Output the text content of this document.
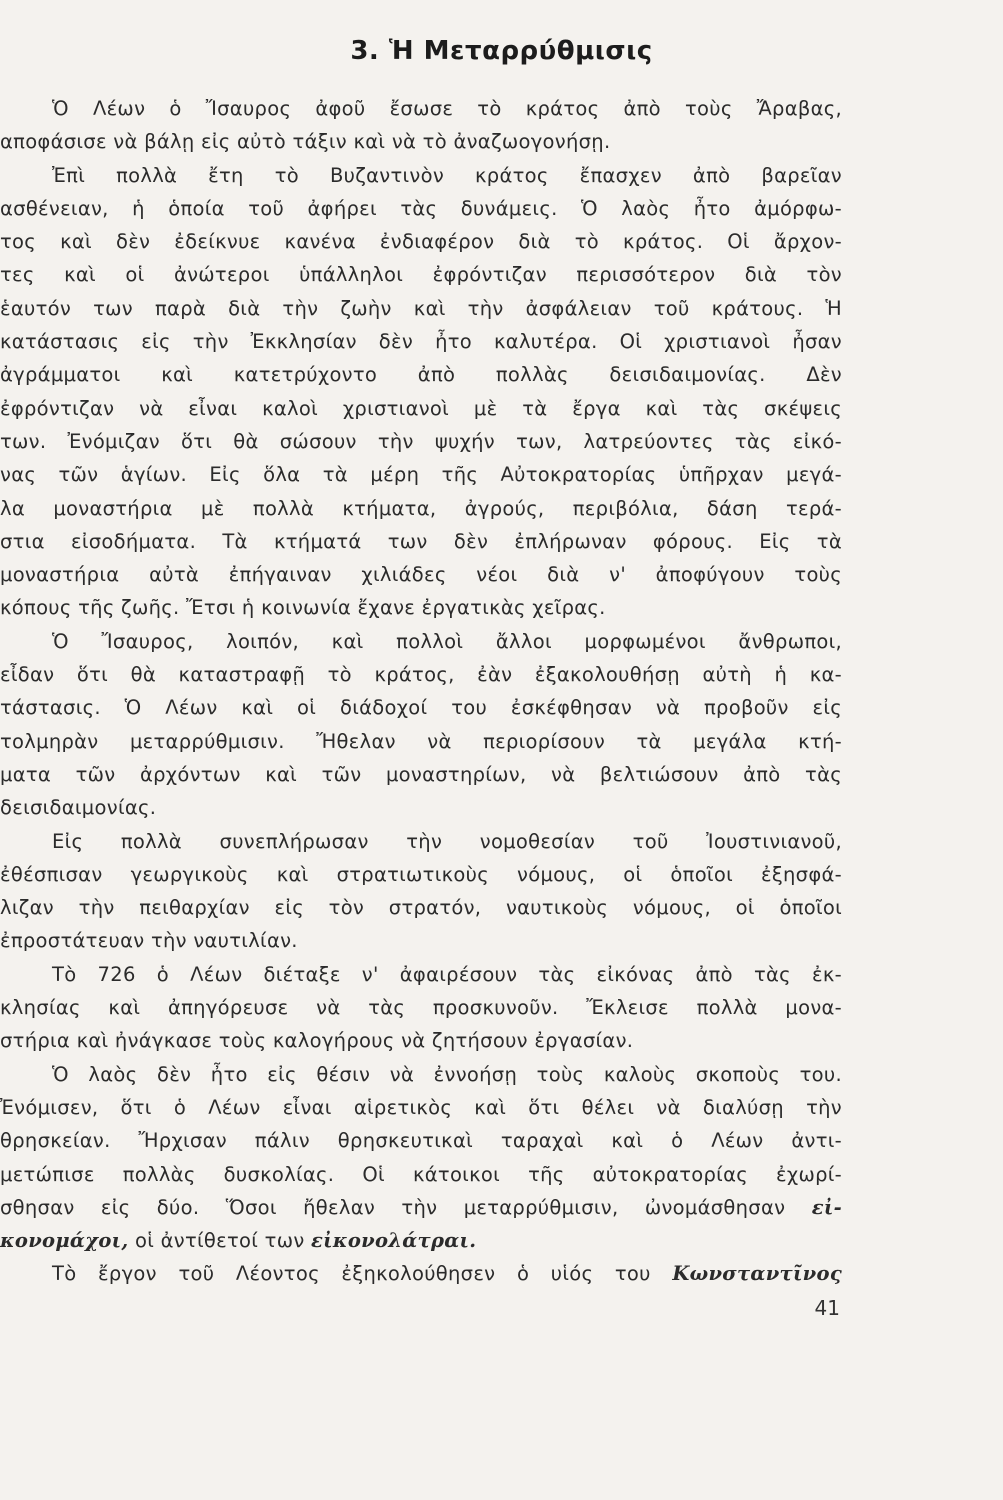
3. Ἡ Μεταρρύθμισις
Ὁ Λέων ὁ Ἴσαυρος ἀφοῦ ἔσωσε τὸ κράτος ἀπὸ τοὺς Ἄραβας,
αποφάσισε νὰ βάλῃ εἰς αὐτὸ τάξιν καὶ νὰ τὸ ἀναζωογονήσῃ.
Ἐπὶ πολλὰ ἔτη τὸ Βυζαντινὸν κράτος ἔπασχεν ἀπὸ βαρεῖαν
ασθένειαν, ἡ ὁποία τοῦ ἀφήρει τὰς δυνάμεις. Ὁ λαὸς ἦτο ἀμόρφω-
τος καὶ δὲν ἐδείκνυε κανένα ἐνδιαφέρον διὰ τὸ κράτος. Οἱ ἄρχον-
τες καὶ οἱ ἀνώτεροι ὑπάλληλοι ἐφρόντιζαν περισσότερον διὰ τὸν
ἑαυτόν των παρὰ διὰ τὴν ζωὴν καὶ τὴν ἀσφάλειαν τοῦ κράτους. Ἡ
κατάστασις εἰς τὴν Ἐκκλησίαν δὲν ἦτο καλυτέρα. Οἱ χριστιανοὶ ἦσαν
ἀγράμματοι καὶ κατετρύχοντο ἀπὸ πολλὰς δεισιδαιμονίας. Δὲν
ἐφρόντιζαν νὰ εἶναι καλοὶ χριστιανοὶ μὲ τὰ ἔργα καὶ τὰς σκέψεις
των. Ἐνόμιζαν ὅτι θὰ σώσουν τὴν ψυχήν των, λατρεύοντες τὰς εἰκό-
νας τῶν ἁγίων. Εἰς ὅλα τὰ μέρη τῆς Αὐτοκρατορίας ὑπῆρχαν μεγά-
λα μοναστήρια μὲ πολλὰ κτήματα, ἀγρούς, περιβόλια, δάση τερά-
στια εἰσοδήματα. Τὰ κτήματά των δὲν ἐπλήρωναν φόρους. Εἰς τὰ
μοναστήρια αὐτὰ ἐπήγαιναν χιλιάδες νέοι διὰ ν' ἀποφύγουν τοὺς
κόπους τῆς ζωῆς. Ἔτσι ἡ κοινωνία ἔχανε ἐργατικὰς χεῖρας.
Ὁ Ἴσαυρος, λοιπόν, καὶ πολλοὶ ἄλλοι μορφωμένοι ἄνθρωποι,
εἶδαν ὅτι θὰ καταστραφῇ τὸ κράτος, ἐὰν ἐξακολουθήσῃ αὐτὴ ἡ κα-
τάστασις. Ὁ Λέων καὶ οἱ διάδοχοί του ἐσκέφθησαν νὰ προβοῦν εἰς
τολμηρὰν μεταρρύθμισιν. Ἤθελαν νὰ περιορίσουν τὰ μεγάλα κτή-
ματα τῶν ἀρχόντων καὶ τῶν μοναστηρίων, νὰ βελτιώσουν ἀπὸ τὰς
δεισιδαιμονίας.
Εἰς πολλὰ συνεπλήρωσαν τὴν νομοθεσίαν τοῦ Ἰουστινιανοῦ,
ἐθέσπισαν γεωργικοὺς καὶ στρατιωτικοὺς νόμους, οἱ ὁποῖοι ἐξησφά-
λιζαν τὴν πειθαρχίαν εἰς τὸν στρατόν, ναυτικοὺς νόμους, οἱ ὁποῖοι
ἐπροστάτευαν τὴν ναυτιλίαν.
Τὸ 726 ὁ Λέων διέταξε ν' ἀφαιρέσουν τὰς εἰκόνας ἀπὸ τὰς ἐκ-
κλησίας καὶ ἀπηγόρευσε νὰ τὰς προσκυνοῦν. Ἔκλεισε πολλὰ μονα-
στήρια καὶ ἠνάγκασε τοὺς καλογήρους νὰ ζητήσουν ἐργασίαν.
Ὁ λαὸς δὲν ἦτο εἰς θέσιν νὰ ἐννοήσῃ τοὺς καλοὺς σκοποὺς του.
Ἐνόμισεν, ὅτι ὁ Λέων εἶναι αἱρετικὸς καὶ ὅτι θέλει νὰ διαλύσῃ τὴν
θρησκείαν. Ἤρχισαν πάλιν θρησκευτικαὶ ταραχαὶ καὶ ὁ Λέων ἀντι-
μετώπισε πολλὰς δυσκολίας. Οἱ κάτοικοι τῆς αὐτοκρατορίας ἐχωρί-
σθησαν εἰς δύο. Ὅσοι ἤθελαν τὴν μεταρρύθμισιν, ὠνομάσθησαν εἰ-
κονομάχοι, οἱ ἀντίθετοί των εἰκονολάτραι.
Τὸ ἔργον τοῦ Λέοντος ἐξηκολούθησεν ὁ υἱός του Κωνσταντῖνος
41
